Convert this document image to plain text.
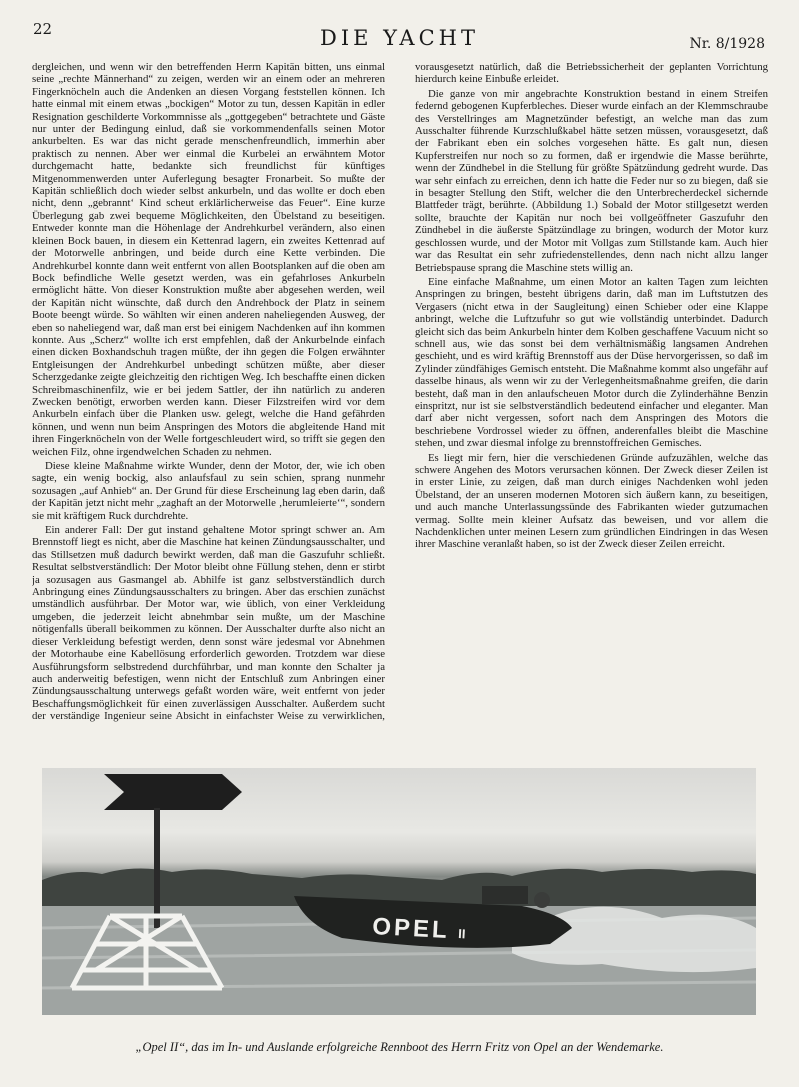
22	DIE YACHT	Nr. 8/1928

dergleichen, und wenn wir den betreffenden Herrn Kapitän bitten, uns einmal seine „rechte Männerhand“ zu zeigen, werden wir an einem oder an mehreren Fingerknöcheln auch die Andenken an diesen Vorgang feststellen können. Ich hatte einmal mit einem etwas „bockigen“ Motor zu tun, dessen Kapitän in edler Resignation geschilderte Vorkommnisse als „gottgegeben“ betrachtete und Gäste nur unter der Bedingung einlud, daß sie vorkommendenfalls seinen Motor ankurbelten. Es war das nicht gerade menschenfreundlich, immerhin aber praktisch zu nennen. Aber wer einmal die Kurbelei an erwähntem Motor durchgemacht hatte, bedankte sich freundlichst für künftiges Mitgenommenwerden unter Auferlegung besagter Fronarbeit. So mußte der Kapitän schließlich doch wieder selbst ankurbeln, und das wollte er doch eben nicht, denn „gebrannt‘ Kind scheut erklärlicherweise das Feuer“. Eine kurze Überlegung gab zwei bequeme Möglichkeiten, den Übelstand zu beseitigen. Entweder konnte man die Höhenlage der Andrehkurbel verändern, also einen kleinen Bock bauen, in diesem ein Kettenrad lagern, ein zweites Kettenrad auf der Motorwelle anbringen, und beide durch eine Kette verbinden. Die Andrehkurbel konnte dann weit entfernt von allen Bootsplanken auf die oben am Bock befindliche Welle gesetzt werden, was ein gefahrloses Ankurbeln ermöglicht hätte. Von dieser Konstruktion mußte aber abgesehen werden, weil der Kapitän nicht wünschte, daß durch den Andrehbock der Platz in seinem Boote beengt würde. So wählten wir einen anderen naheliegenden Ausweg, der eben so naheliegend war, daß man erst bei einigem Nachdenken auf ihn kommen konnte. Aus „Scherz“ wollte ich erst empfehlen, daß der Ankurbelnde einfach einen dicken Boxhandschuh tragen müßte, der ihn gegen die Folgen erwähnter Entgleisungen der Andrehkurbel unbedingt schützen müßte, aber dieser Scherzgedanke zeigte gleichzeitig den richtigen Weg. Ich beschaffte einen dicken Schreibmaschinenfilz, wie er bei jedem Sattler, der ihn natürlich zu anderen Zwecken benötigt, erworben werden kann. Dieser Filzstreifen wird vor dem Ankurbeln einfach über die Planken usw. gelegt, welche die Hand gefährden können, und wenn nun beim Anspringen des Motors die abgleitende Hand mit ihren Fingerknöcheln von der Welle fortgeschleudert wird, so trifft sie gegen den weichen Filz, ohne irgendwelchen Schaden zu nehmen.

Diese kleine Maßnahme wirkte Wunder, denn der Motor, der, wie ich oben sagte, ein wenig bockig, also anlaufsfaul zu sein schien, sprang nunmehr sozusagen „auf Anhieb“ an. Der Grund für diese Erscheinung lag eben darin, daß der Kapitän jetzt nicht mehr „zaghaft an der Motorwelle ‚herumleierte‘“, sondern sie mit kräftigem Ruck durchdrehte.

Ein anderer Fall: Der gut instand gehaltene Motor springt schwer an. Am Brennstoff liegt es nicht, aber die Maschine hat keinen Zündungsausschalter, und das Stillsetzen muß dadurch bewirkt werden, daß man die Gaszufuhr schließt. Resultat selbstverständlich: Der Motor bleibt ohne Füllung stehen, denn er stirbt ja sozusagen aus Gasmangel ab. Abhilfe ist ganz selbstverständlich durch Anbringung eines Zündungsausschalters zu bringen. Aber das erschien zunächst umständlich ausführbar. Der Motor war, wie üblich, von einer Verkleidung umgeben, die jederzeit leicht abnehmbar sein mußte, um der Maschine nötigenfalls überall beikommen zu können. Der Ausschalter durfte also nicht an dieser Verkleidung befestigt werden, denn sonst wäre jedesmal vor Abnehmen der Motorhaube eine Kabellösung erforderlich geworden. Trotzdem war diese Ausführungsform selbstredend durchführbar, und man konnte den Schalter ja auch anderweitig befestigen, wenn nicht der Entschluß zum Anbringen einer Zündungsausschaltung unterwegs gefaßt worden wäre, weit entfernt von jeder Beschaffungsmöglichkeit für einen zuverlässigen Ausschalter. Außerdem sucht der verständige Ingenieur seine Absicht in einfachster Weise zu verwirklichen, vorausgesetzt natürlich, daß die Betriebssicherheit der geplanten Vorrichtung hierdurch keine Einbuße erleidet.

Die ganze von mir angebrachte Konstruktion bestand in einem Streifen federnd gebogenen Kupferbleches. Dieser wurde einfach an der Klemmschraube des Verstellringes am Magnetzünder befestigt, an welche man das zum Ausschalter führende Kurzschlußkabel hätte setzen müssen, vorausgesetzt, daß der Fabrikant eben ein solches vorgesehen hätte. Es galt nun, diesen Kupferstreifen nur noch so zu formen, daß er irgendwie die Masse berührte, wenn der Zündhebel in die Stellung für größte Spätzündung gedreht wurde. Das war sehr einfach zu erreichen, denn ich hatte die Feder nur so zu biegen, daß sie in besagter Stellung den Stift, welcher die den Unterbrecherdeckel sichernde Blattfeder trägt, berührte. (Abbildung 1.) Sobald der Motor stillgesetzt werden sollte, brauchte der Kapitän nur noch bei vollgeöffneter Gaszufuhr den Zündhebel in die äußerste Spätzündlage zu bringen, wodurch der Motor kurz geschlossen wurde, und der Motor mit Vollgas zum Stillstande kam. Auch hier war das Resultat ein sehr zufriedenstellendes, denn nach nicht allzu langer Betriebspause sprang die Maschine stets willig an.

Eine einfache Maßnahme, um einen Motor an kalten Tagen zum leichten Anspringen zu bringen, besteht übrigens darin, daß man im Luftstutzen des Vergasers (nicht etwa in der Saugleitung) einen Schieber oder eine Klappe anbringt, welche die Luftzufuhr so gut wie vollständig unterbindet. Dadurch gleicht sich das beim Ankurbeln hinter dem Kolben geschaffene Vacuum nicht so schnell aus, wie das sonst bei dem verhältnismäßig langsamen Andrehen geschieht, und es wird kräftig Brennstoff aus der Düse hervorgerissen, so daß im Zylinder zündfähiges Gemisch entsteht. Die Maßnahme kommt also ungefähr auf dasselbe hinaus, als wenn wir zu der Verlegenheitsmaßnahme greifen, die darin besteht, daß man in den anlaufscheuen Motor durch die Zylinderhähne Benzin einspritzt, nur ist sie selbstverständlich bedeutend einfacher und eleganter. Man darf aber nicht vergessen, sofort nach dem Anspringen des Motors die beschriebene Vordrossel wieder zu öffnen, anderenfalles bleibt die Maschine stehen, und zwar diesmal infolge zu brennstoffreichen Gemisches.

Es liegt mir fern, hier die verschiedenen Gründe aufzuzählen, welche das schwere Angehen des Motors verursachen können. Der Zweck dieser Zeilen ist in erster Linie, zu zeigen, daß man durch einiges Nachdenken wohl jeden Übelstand, der an unseren modernen Motoren sich äußern kann, zu beseitigen, und auch manche Unterlassungssünde des Fabrikanten wieder gutzumachen vermag. Sollte mein kleiner Aufsatz das beweisen, und vor allem die Nachdenklichen unter meinen Lesern zum gründlichen Eindringen in das Wesen ihrer Maschine veranlaßt haben, so ist der Zweck dieser Zeilen erreicht.

OPEL II
„Opel II“, das im In- und Auslande erfolgreiche Rennboot des Herrn Fritz von Opel an der Wendemarke.
